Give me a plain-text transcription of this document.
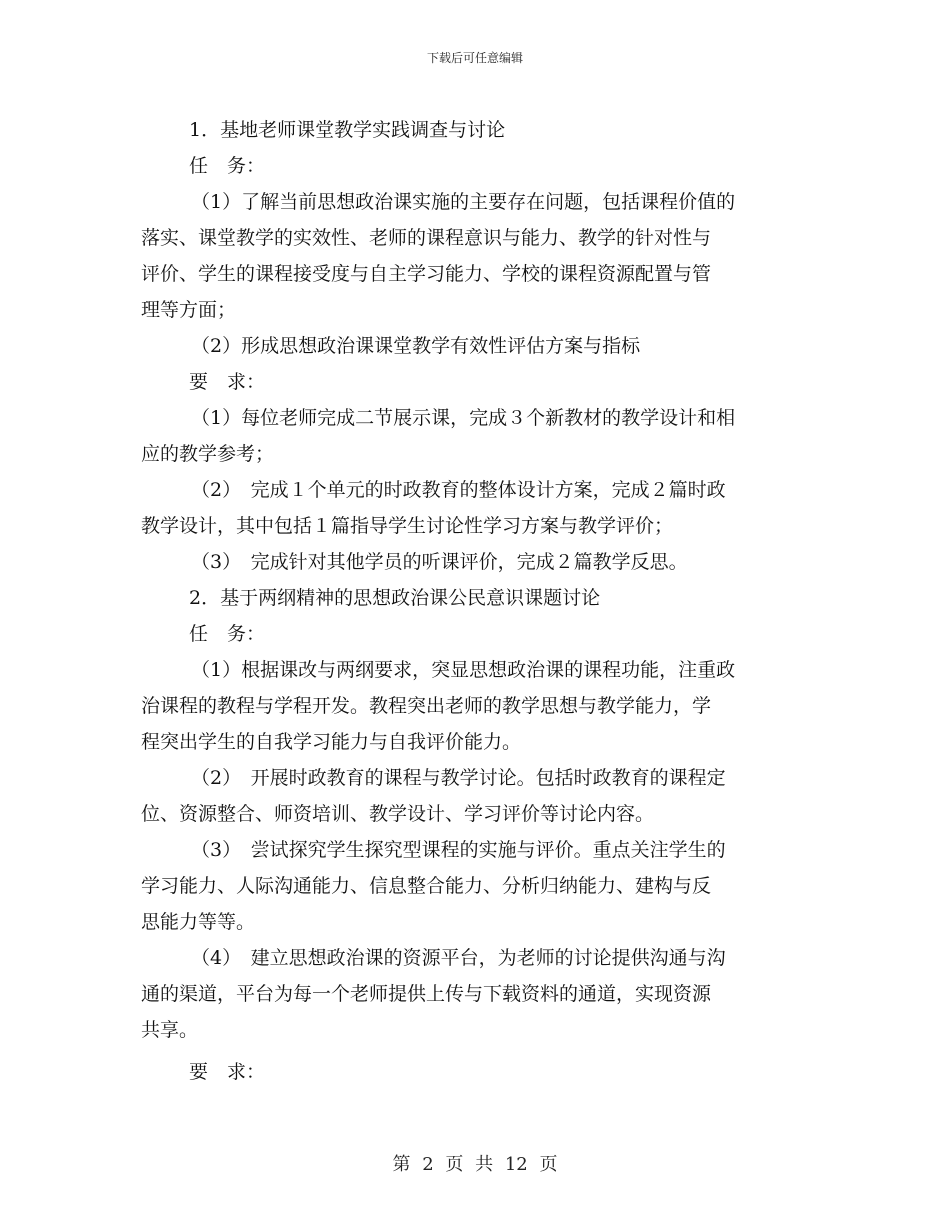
下载后可任意编辑
1．基地老师课堂教学实践调查与讨论
任　务：
（1）了解当前思想政治课实施的主要存在问题，包括课程价值的
落实、课堂教学的实效性、老师的课程意识与能力、教学的针对性与
评价、学生的课程接受度与自主学习能力、学校的课程资源配置与管
理等方面；
（2）形成思想政治课课堂教学有效性评估方案与指标
要　求：
（1）每位老师完成二节展示课，完成３个新教材的教学设计和相
应的教学参考；
（2）　完成１个单元的时政教育的整体设计方案，完成２篇时政
教学设计，其中包括１篇指导学生讨论性学习方案与教学评价；
（3）　完成针对其他学员的听课评价，完成２篇教学反思。
2．基于两纲精神的思想政治课公民意识课题讨论
任　务：
（1）根据课改与两纲要求，突显思想政治课的课程功能，注重政
治课程的教程与学程开发。教程突出老师的教学思想与教学能力，学
程突出学生的自我学习能力与自我评价能力。
（2）　开展时政教育的课程与教学讨论。包括时政教育的课程定
位、资源整合、师资培训、教学设计、学习评价等讨论内容。
（3）　尝试探究学生探究型课程的实施与评价。重点关注学生的
学习能力、人际沟通能力、信息整合能力、分析归纳能力、建构与反
思能力等等。
（4）　建立思想政治课的资源平台，为老师的讨论提供沟通与沟
通的渠道，平台为每一个老师提供上传与下载资料的通道，实现资源
共享。
要　求：
第 2 页 共 12 页
